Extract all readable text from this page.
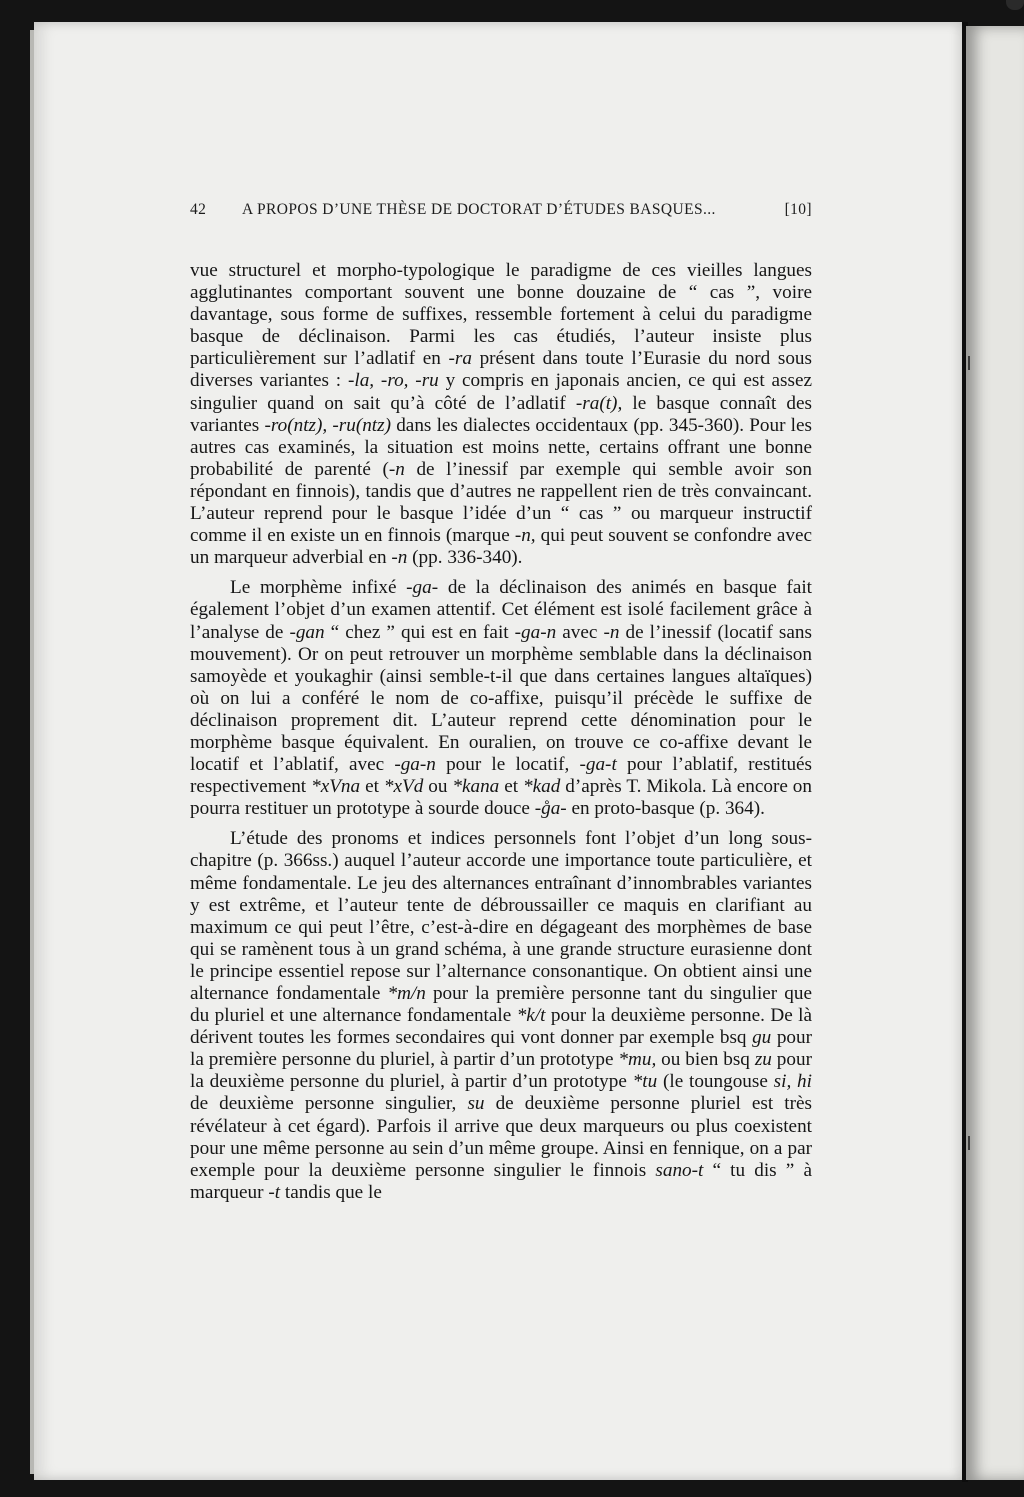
42 A PROPOS D’UNE THÈSE DE DOCTORAT D’ÉTUDES BASQUES...	[10]

vue structurel et morpho-typologique le paradigme de ces vieilles langues agglutinantes comportant souvent une bonne douzaine de “ cas ”, voire davantage, sous forme de suffixes, ressemble fortement à celui du paradigme basque de déclinaison. Parmi les cas étudiés, l’auteur insiste plus particulièrement sur l’adlatif en -ra présent dans toute l’Eurasie du nord sous diverses variantes : -la, -ro, -ru y compris en japonais ancien, ce qui est assez singulier quand on sait qu’à côté de l’adlatif -ra(t), le basque connaît des variantes -ro(ntz), -ru(ntz) dans les dialectes occidentaux (pp. 345-360). Pour les autres cas examinés, la situation est moins nette, certains offrant une bonne probabilité de parenté (-n de l’inessif par exemple qui semble avoir son répondant en finnois), tandis que d’autres ne rappellent rien de très convaincant. L’auteur reprend pour le basque l’idée d’un “ cas ” ou marqueur instructif comme il en existe un en finnois (marque -n, qui peut souvent se confondre avec un marqueur adverbial en -n (pp. 336-340).

Le morphème infixé -ga- de la déclinaison des animés en basque fait également l’objet d’un examen attentif. Cet élément est isolé facilement grâce à l’analyse de -gan “ chez ” qui est en fait -ga-n avec -n de l’inessif (locatif sans mouvement). Or on peut retrouver un morphème semblable dans la déclinaison samoyède et youkaghir (ainsi semble-t-il que dans certaines langues altaïques) où on lui a conféré le nom de co-affixe, puisqu’il précède le suffixe de déclinaison proprement dit. L’auteur reprend cette dénomination pour le morphème basque équivalent. En ouralien, on trouve ce co-affixe devant le locatif et l’ablatif, avec -ga-n pour le locatif, -ga-t pour l’ablatif, restitués respectivement *xVna et *xVd ou *kana et *kad d’après T. Mikola. Là encore on pourra restituer un prototype à sourde douce -g̊a- en proto-basque (p. 364).

L’étude des pronoms et indices personnels font l’objet d’un long sous-chapitre (p. 366ss.) auquel l’auteur accorde une importance toute particulière, et même fondamentale. Le jeu des alternances entraînant d’innombrables variantes y est extrême, et l’auteur tente de débroussailler ce maquis en clarifiant au maximum ce qui peut l’être, c’est-à-dire en dégageant des morphèmes de base qui se ramènent tous à un grand schéma, à une grande structure eurasienne dont le principe essentiel repose sur l’alternance consonantique. On obtient ainsi une alternance fondamentale *m/n pour la première personne tant du singulier que du pluriel et une alternance fondamentale *k/t pour la deuxième personne. De là dérivent toutes les formes secondaires qui vont donner par exemple bsq gu pour la première personne du pluriel, à partir d’un prototype *mu, ou bien bsq zu pour la deuxième personne du pluriel, à partir d’un prototype *tu (le toungouse si, hi de deuxième personne singulier, su de deuxième personne pluriel est très révélateur à cet égard). Parfois il arrive que deux marqueurs ou plus coexistent pour une même personne au sein d’un même groupe. Ainsi en fennique, on a par exemple pour la deuxième personne singulier le finnois sano-t “ tu dis ” à marqueur -t tandis que le
